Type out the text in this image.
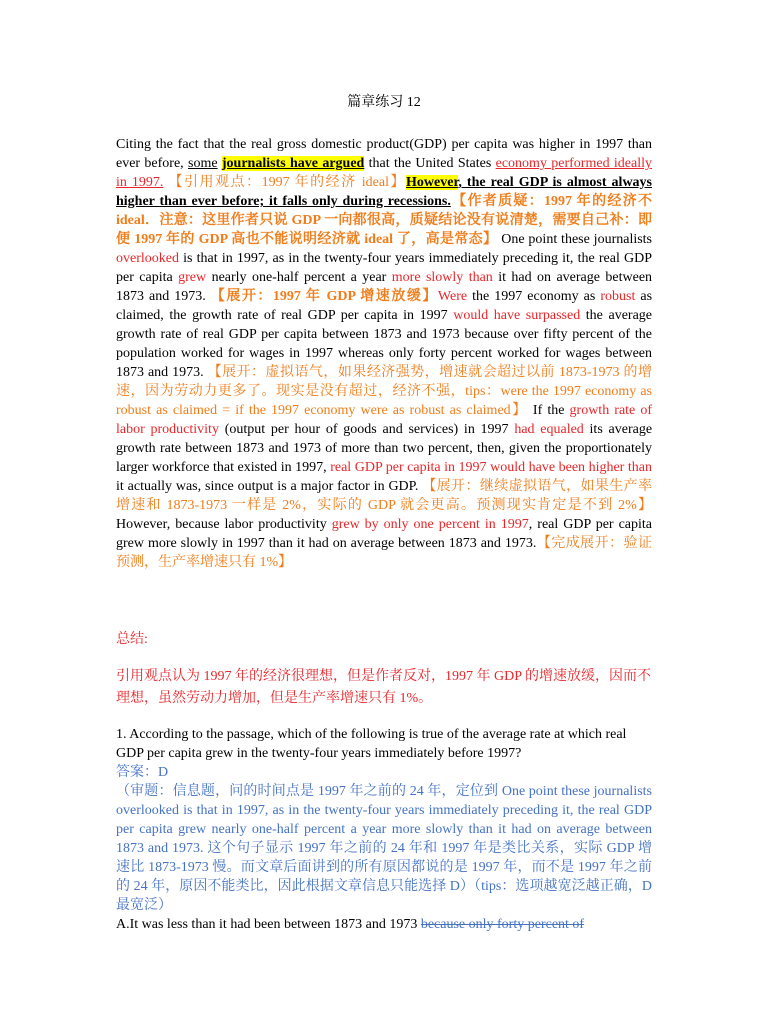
篇章练习 12
Citing the fact that the real gross domestic product(GDP) per capita was higher in 1997 than ever before, some journalists have argued that the United States economy performed ideally in 1997. 【引用观点：1997 年的经济 ideal】However, the real GDP is almost always higher than ever before; it falls only during recessions.【作者质疑：1997 年的经济不 ideal．注意：这里作者只说 GDP 一向都很高，质疑结论没有说清楚，需要自己补：即便 1997 年的 GDP 高也不能说明经济就 ideal 了，高是常态】 One point these journalists overlooked is that in 1997, as in the twenty-four years immediately preceding it, the real GDP per capita grew nearly one-half percent a year more slowly than it had on average between 1873 and 1973. 【展开：1997 年 GDP 增速放缓】Were the 1997 economy as robust as claimed, the growth rate of real GDP per capita in 1997 would have surpassed the average growth rate of real GDP per capita between 1873 and 1973 because over fifty percent of the population worked for wages in 1997 whereas only forty percent worked for wages between 1873 and 1973. 【展开：虚拟语气，如果经济强势，增速就会超过以前 1873-1973 的增速，因为劳动力更多了。现实是没有超过，经济不强，tips：were the 1997 economy as robust as claimed = if the 1997 economy were as robust as claimed】 If the growth rate of labor productivity (output per hour of goods and services) in 1997 had equaled its average growth rate between 1873 and 1973 of more than two percent, then, given the proportionately larger workforce that existed in 1997, real GDP per capita in 1997 would have been higher than it actually was, since output is a major factor in GDP. 【展开：继续虚拟语气，如果生产率增速和 1873-1973 一样是 2%，实际的 GDP 就会更高。预测现实肯定是不到 2%】 However, because labor productivity grew by only one percent in 1997, real GDP per capita grew more slowly in 1997 than it had on average between 1873 and 1973.【完成展开：验证预测，生产率增速只有 1%】
总结:
引用观点认为 1997 年的经济很理想，但是作者反对，1997 年 GDP 的增速放缓，因而不理想，虽然劳动力增加，但是生产率增速只有 1%。
1. According to the passage, which of the following is true of the average rate at which real GDP per capita grew in the twenty-four years immediately before 1997?
答案：D
（审题：信息题，问的时间点是 1997 年之前的 24 年，定位到 One point these journalists overlooked is that in 1997, as in the twenty-four years immediately preceding it, the real GDP per capita grew nearly one-half percent a year more slowly than it had on average between 1873 and 1973. 这个句子显示 1997 年之前的 24 年和 1997 年是类比关系，实际 GDP 增速比 1873-1973 慢。而文章后面讲到的所有原因都说的是 1997 年，而不是 1997 年之前的 24 年，原因不能类比，因此根据文章信息只能选择 D）（tips：选项越宽泛越正确，D 最宽泛）
A.It was less than it had been between 1873 and 1973 because only forty percent of
